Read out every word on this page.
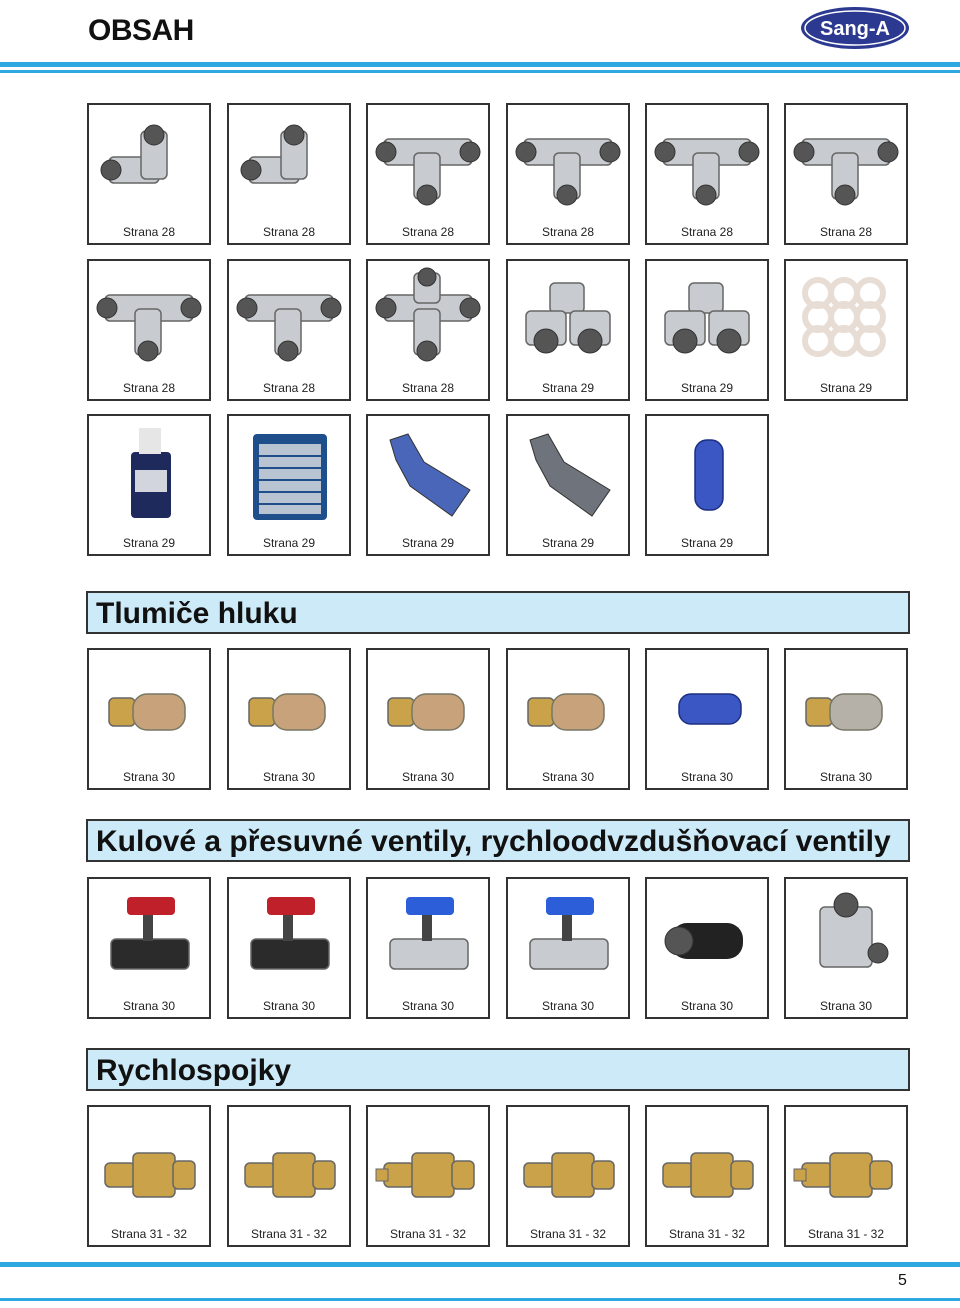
OBSAH	Sang-A
Strana 28	Strana 28	Strana 28	Strana 28	Strana 28	Strana 28
Strana 28	Strana 28	Strana 28	Strana 29	Strana 29	Strana 29
Strana 29	Strana 29	Strana 29	Strana 29	Strana 29
Strana 30	Strana 30	Strana 30	Strana 30	Strana 30	Strana 30
Strana 30	Strana 30	Strana 30	Strana 30	Strana 30	Strana 30
Strana 31 - 32	Strana 31 - 32	Strana 31 - 32	Strana 31 - 32	Strana 31 - 32	Strana 31 - 32
Tlumiče hluku
Kulové a přesuvné ventily, rychloodvzdušňovací ventily
Rychlospojky
5
